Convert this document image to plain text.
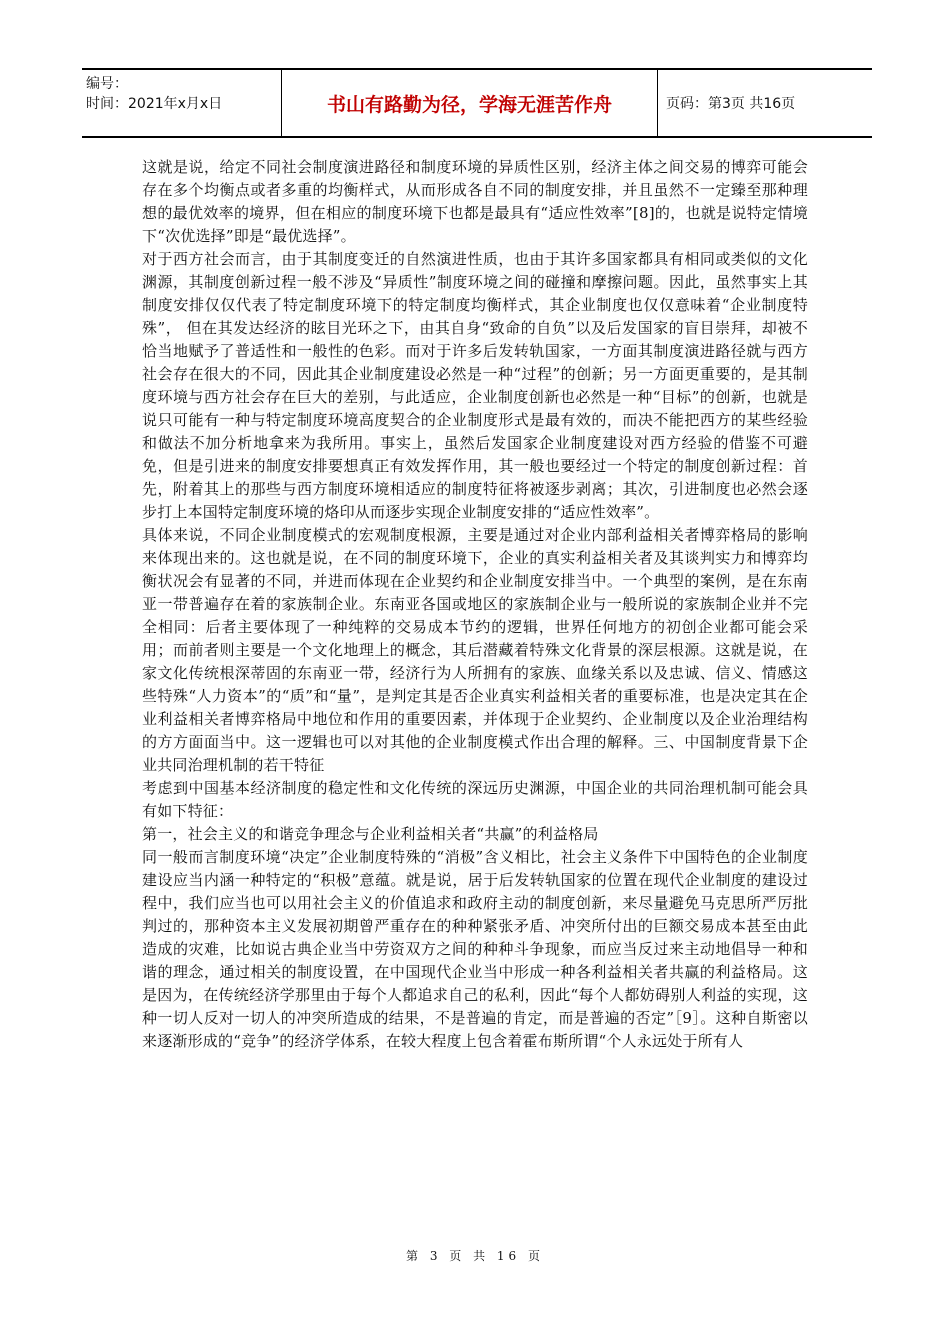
编号：
时间：2021年x月x日	书山有路勤为径，学海无涯苦作舟	页码：第3页 共16页

这就是说，给定不同社会制度演进路径和制度环境的异质性区别，经济主体之间交易的博弈可能会存在多个均衡点或者多重的均衡样式，从而形成各自不同的制度安排，并且虽然不一定臻至那种理想的最优效率的境界，但在相应的制度环境下也都是最具有“适应性效率”[8]的，也就是说特定情境下“次优选择”即是“最优选择”。

对于西方社会而言，由于其制度变迁的自然演进性质，也由于其许多国家都具有相同或类似的文化渊源，其制度创新过程一般不涉及“异质性”制度环境之间的碰撞和摩擦问题。因此，虽然事实上其制度安排仅仅代表了特定制度环境下的特定制度均衡样式，其企业制度也仅仅意味着“企业制度特殊”， 但在其发达经济的眩目光环之下，由其自身“致命的自负”以及后发国家的盲目崇拜，却被不恰当地赋予了普适性和一般性的色彩。而对于许多后发转轨国家，一方面其制度演进路径就与西方社会存在很大的不同，因此其企业制度建设必然是一种“过程”的创新；另一方面更重要的，是其制度环境与西方社会存在巨大的差别，与此适应，企业制度创新也必然是一种“目标”的创新，也就是说只可能有一种与特定制度环境高度契合的企业制度形式是最有效的，而决不能把西方的某些经验和做法不加分析地拿来为我所用。事实上，虽然后发国家企业制度建设对西方经验的借鉴不可避免，但是引进来的制度安排要想真正有效发挥作用，其一般也要经过一个特定的制度创新过程：首先，附着其上的那些与西方制度环境相适应的制度特征将被逐步剥离；其次，引进制度也必然会逐步打上本国特定制度环境的烙印从而逐步实现企业制度安排的“适应性效率”。

具体来说，不同企业制度模式的宏观制度根源，主要是通过对企业内部利益相关者博弈格局的影响来体现出来的。这也就是说，在不同的制度环境下，企业的真实利益相关者及其谈判实力和博弈均衡状况会有显著的不同，并进而体现在企业契约和企业制度安排当中。一个典型的案例，是在东南亚一带普遍存在着的家族制企业。东南亚各国或地区的家族制企业与一般所说的家族制企业并不完全相同：后者主要体现了一种纯粹的交易成本节约的逻辑，世界任何地方的初创企业都可能会采用；而前者则主要是一个文化地理上的概念，其后潜藏着特殊文化背景的深层根源。这就是说，在家文化传统根深蒂固的东南亚一带，经济行为人所拥有的家族、血缘关系以及忠诚、信义、情感这些特殊“人力资本”的“质”和“量”，是判定其是否企业真实利益相关者的重要标准，也是决定其在企业利益相关者博弈格局中地位和作用的重要因素，并体现于企业契约、企业制度以及企业治理结构的方方面面当中。这一逻辑也可以对其他的企业制度模式作出合理的解释。三、中国制度背景下企业共同治理机制的若干特征

考虑到中国基本经济制度的稳定性和文化传统的深远历史渊源，中国企业的共同治理机制可能会具有如下特征：

第一，社会主义的和谐竞争理念与企业利益相关者“共赢”的利益格局

同一般而言制度环境“决定”企业制度特殊的“消极”含义相比，社会主义条件下中国特色的企业制度建设应当内涵一种特定的“积极”意蕴。就是说，居于后发转轨国家的位置在现代企业制度的建设过程中，我们应当也可以用社会主义的价值追求和政府主动的制度创新，来尽量避免马克思所严厉批判过的，那种资本主义发展初期曾严重存在的种种紧张矛盾、冲突所付出的巨额交易成本甚至由此造成的灾难，比如说古典企业当中劳资双方之间的种种斗争现象，而应当反过来主动地倡导一种和谐的理念，通过相关的制度设置，在中国现代企业当中形成一种各利益相关者共赢的利益格局。这是因为，在传统经济学那里由于每个人都追求自己的私利，因此“每个人都妨碍别人利益的实现，这种一切人反对一切人的冲突所造成的结果，不是普遍的肯定，而是普遍的否定”［9］。这种自斯密以来逐渐形成的“竞争”的经济学体系，在较大程度上包含着霍布斯所谓“个人永远处于所有人

第 3 页 共 16 页
